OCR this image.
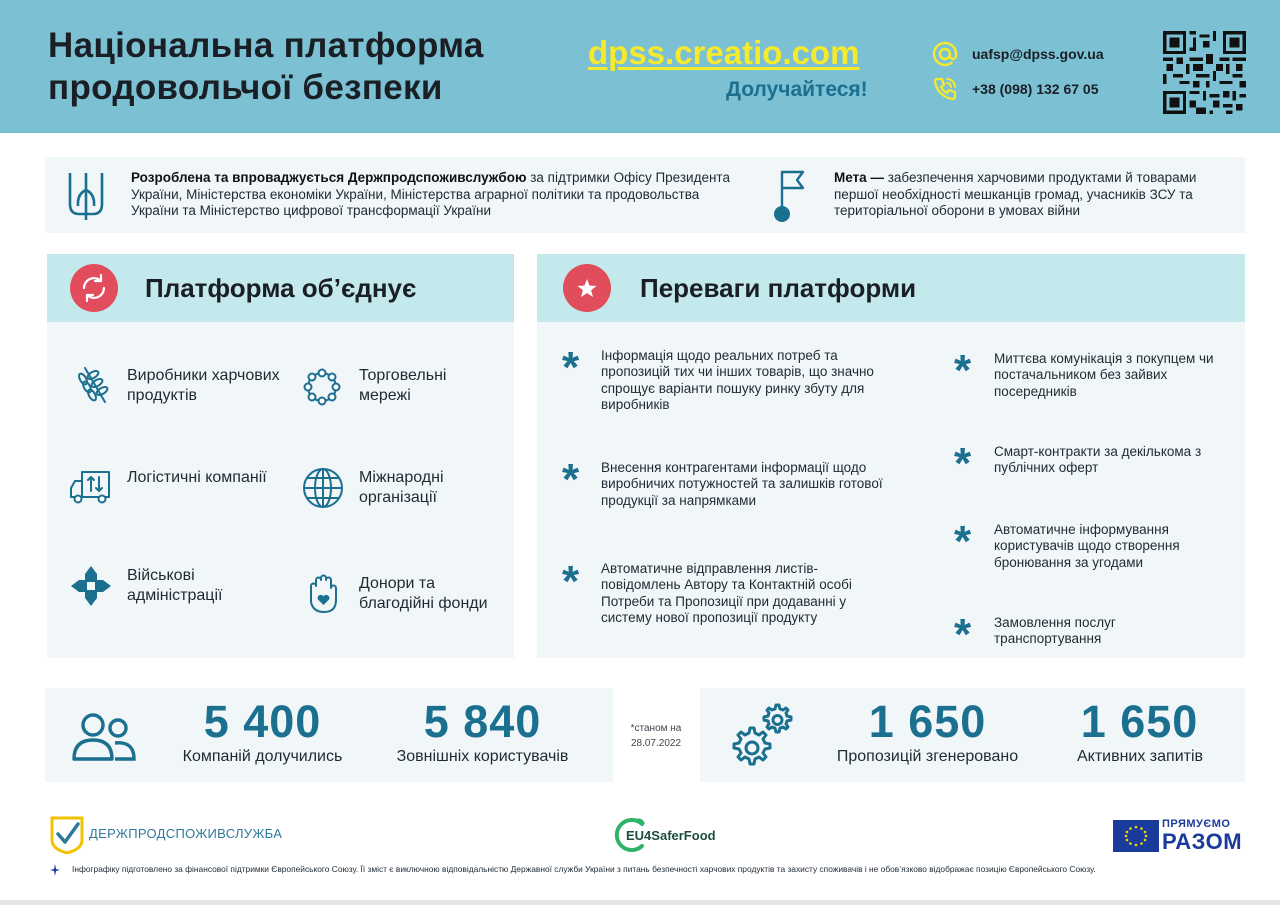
Національна платформа
продовольчої безпеки
dpss.creatio.com
Долучайтеся!
uafsp@dpss.gov.ua
+38 (098) 132 67 05
Розроблена та впроваджується Держпродспоживслужбою за підтримки Офісу Президента України, Міністерства економіки України, Міністерства аграрної політики та продовольства України та Міністерство цифрової трансформації України
Мета — забезпечення харчовими продуктами й товарами першої необхідності мешканців громад, учасників ЗСУ та територіальної оборони в умовах війни
Платформа об’єднує
Виробники харчових продуктів
Торговельні мережі
Логістичні компанії	Міжнародні організації
Військові адміністрації
Донори та благодійні фонди
Переваги платформи
* Інформація щодо реальних потреб та пропозицій тих чи інших товарів, що значно спрощує варіанти пошуку ринку збуту для виробників
* Внесення контрагентами інформації щодо виробничих потужностей та залишків готової продукції за напрямками
* Автоматичне відправлення листів-повідомлень Автору та Контактній особі Потреби та Пропозиції при додаванні у систему нової пропозиції продукту
* Миттєва комунікація з покупцем чи постачальником без зайвих посередників
* Смарт-контракти за декількома з публічних оферт
* Автоматичне інформування користувачів щодо створення бронювання за угодами
* Замовлення послуг транспортування
5 400
Компаній долучились
5 840
Зовнішніх користувачів
*станом на
28.07.2022	1 650
Пропозицій згенеровано
1 650
Активних запитів
ДЕРЖПРОДСПОЖИВСЛУЖБА	EU4SaferFood
ПРЯМУЄМО
РАЗОМ
Інфографіку підготовлено за фінансової підтримки Європейського Союзу. Її зміст є виключною відповідальністю Державної служби України з питань безпечності харчових продуктів та захисту споживачів і не обов’язково відображає позицію Європейського Союзу.
